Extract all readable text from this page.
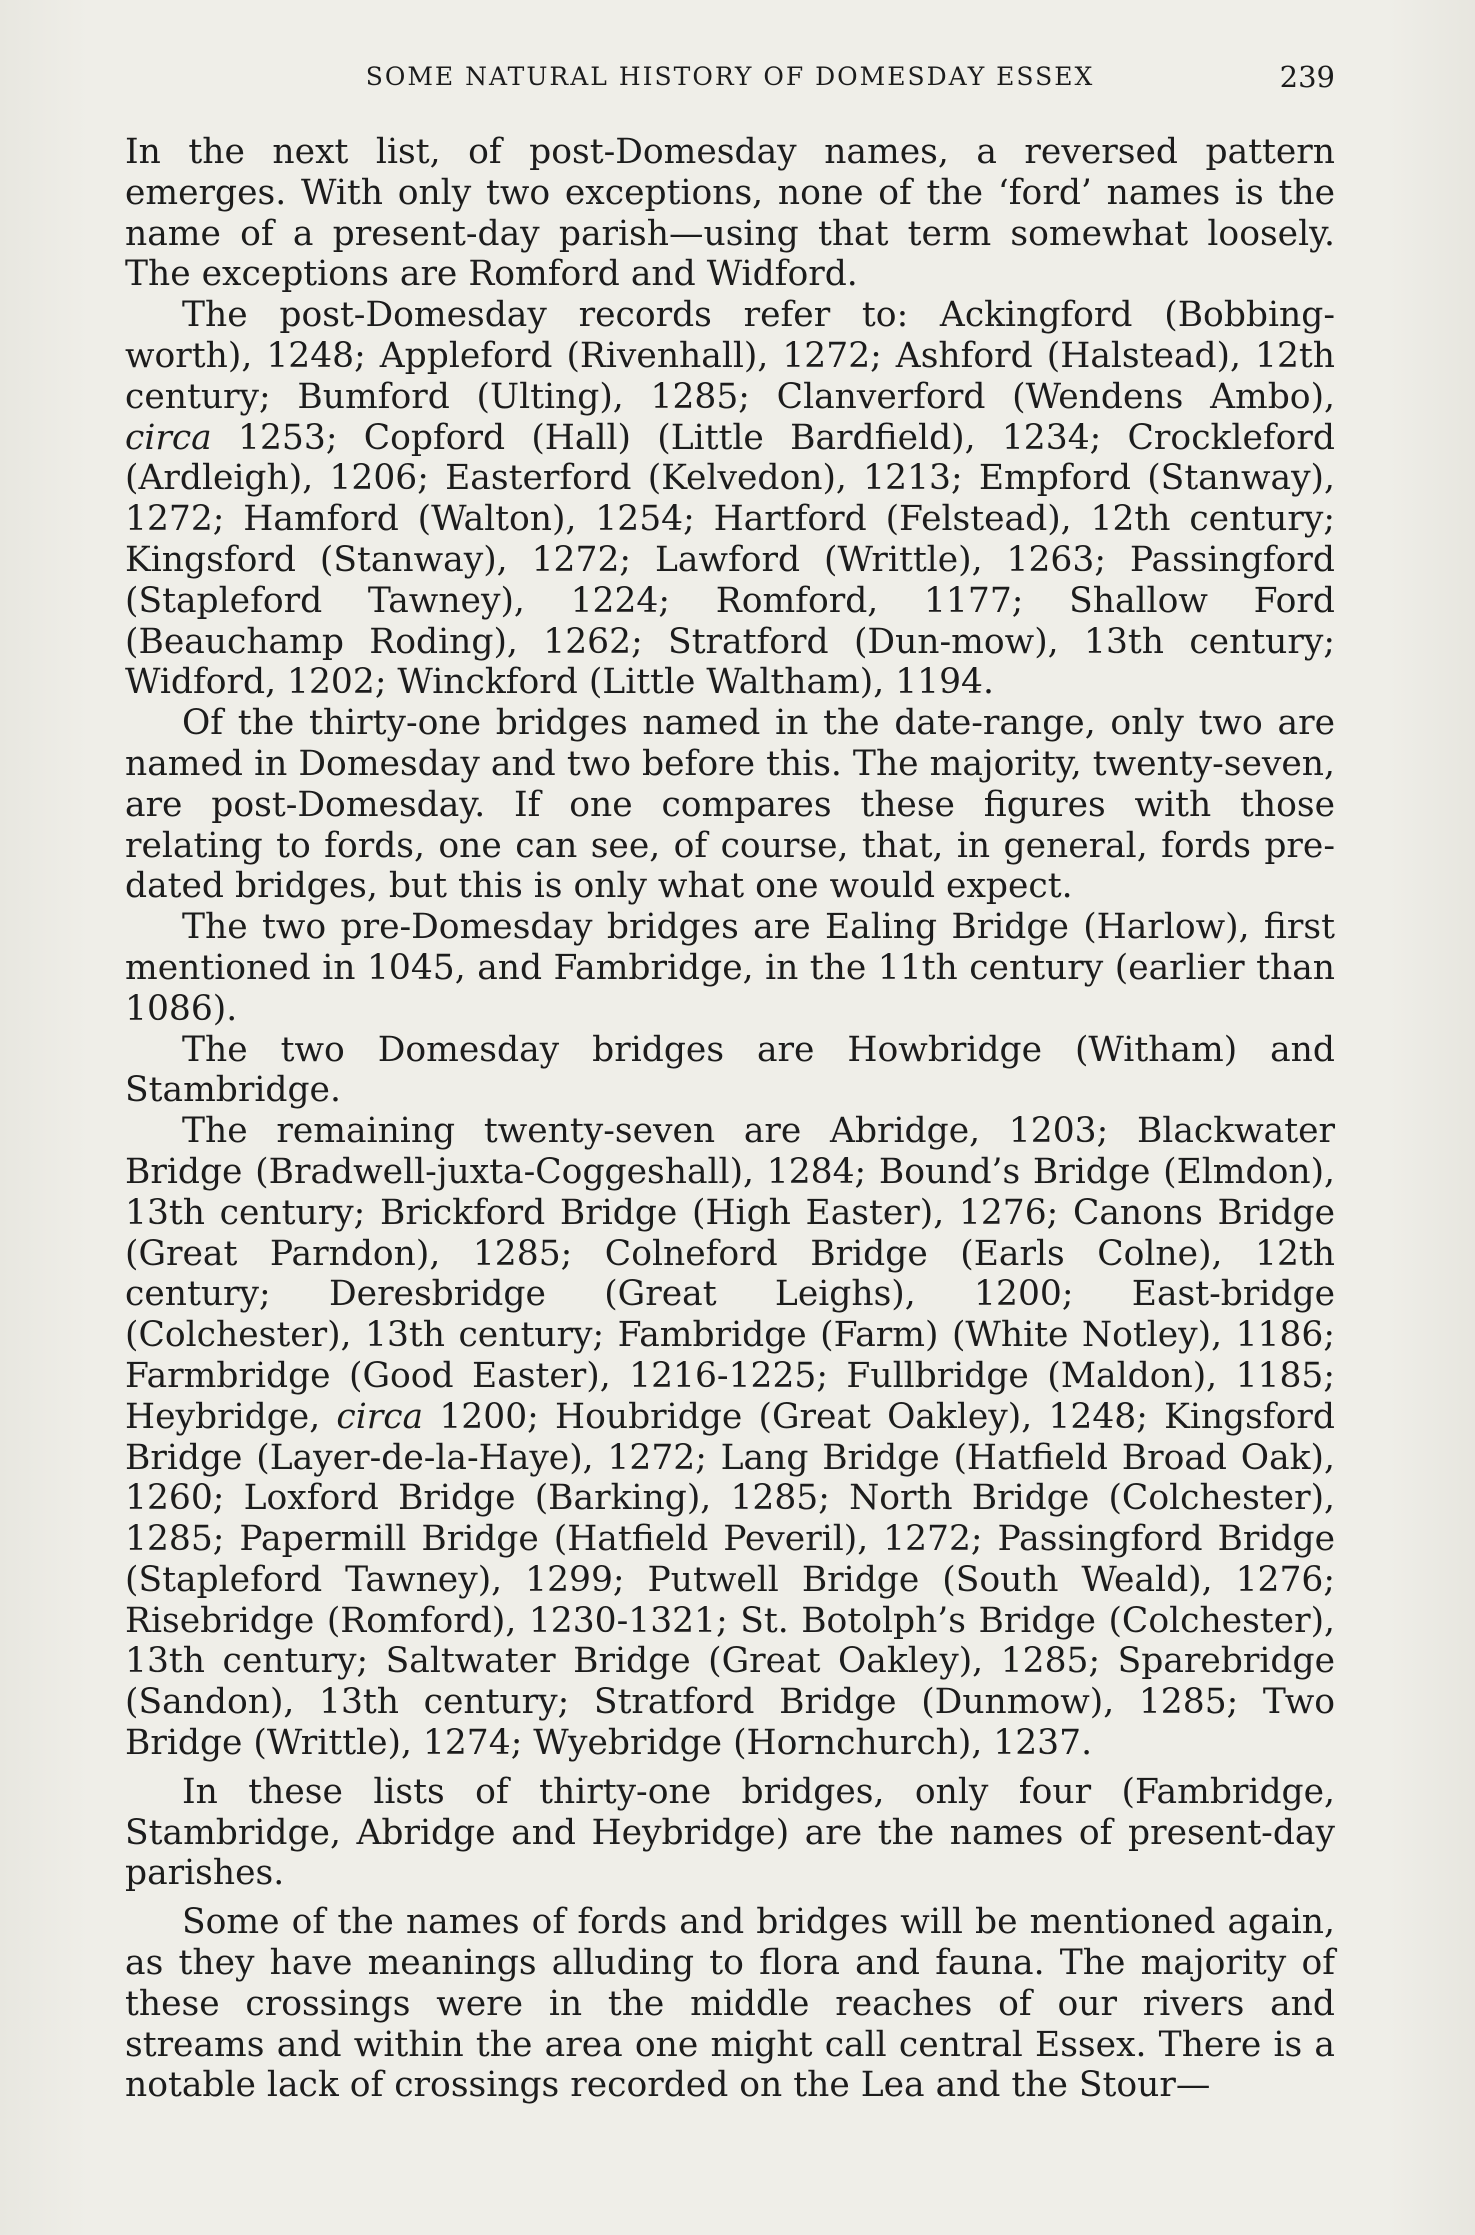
SOME NATURAL HISTORY OF DOMESDAY ESSEX	239

In the next list, of post-Domesday names, a reversed pattern emerges. With only two exceptions, none of the ‘ford’ names is the name of a present-day parish—using that term somewhat loosely. The exceptions are Romford and Widford.

The post-Domesday records refer to: Ackingford (Bobbing-worth), 1248; Appleford (Rivenhall), 1272; Ashford (Halstead), 12th century; Bumford (Ulting), 1285; Clanverford (Wendens Ambo), circa 1253; Copford (Hall) (Little Bardfield), 1234; Crockleford (Ardleigh), 1206; Easterford (Kelvedon), 1213; Empford (Stanway), 1272; Hamford (Walton), 1254; Hartford (Felstead), 12th century; Kingsford (Stanway), 1272; Lawford (Writtle), 1263; Passingford (Stapleford Tawney), 1224; Romford, 1177; Shallow Ford (Beauchamp Roding), 1262; Stratford (Dun-mow), 13th century; Widford, 1202; Winckford (Little Waltham), 1194.

Of the thirty-one bridges named in the date-range, only two are named in Domesday and two before this. The majority, twenty-seven, are post-Domesday. If one compares these figures with those relating to fords, one can see, of course, that, in general, fords pre-dated bridges, but this is only what one would expect.

The two pre-Domesday bridges are Ealing Bridge (Harlow), first mentioned in 1045, and Fambridge, in the 11th century (earlier than 1086).

The two Domesday bridges are Howbridge (Witham) and Stambridge.

The remaining twenty-seven are Abridge, 1203; Blackwater Bridge (Bradwell-juxta-Coggeshall), 1284; Bound’s Bridge (Elmdon), 13th century; Brickford Bridge (High Easter), 1276; Canons Bridge (Great Parndon), 1285; Colneford Bridge (Earls Colne), 12th century; Deresbridge (Great Leighs), 1200; East-bridge (Colchester), 13th century; Fambridge (Farm) (White Notley), 1186; Farmbridge (Good Easter), 1216-1225; Fullbridge (Maldon), 1185; Heybridge, circa 1200; Houbridge (Great Oakley), 1248; Kingsford Bridge (Layer-de-la-Haye), 1272; Lang Bridge (Hatfield Broad Oak), 1260; Loxford Bridge (Barking), 1285; North Bridge (Colchester), 1285; Papermill Bridge (Hatfield Peveril), 1272; Passingford Bridge (Stapleford Tawney), 1299; Putwell Bridge (South Weald), 1276; Risebridge (Romford), 1230-1321; St. Botolph’s Bridge (Colchester), 13th century; Saltwater Bridge (Great Oakley), 1285; Sparebridge (Sandon), 13th century; Stratford Bridge (Dunmow), 1285; Two Bridge (Writtle), 1274; Wyebridge (Hornchurch), 1237.

In these lists of thirty-one bridges, only four (Fambridge, Stambridge, Abridge and Heybridge) are the names of present-day parishes.

Some of the names of fords and bridges will be mentioned again, as they have meanings alluding to flora and fauna. The majority of these crossings were in the middle reaches of our rivers and streams and within the area one might call central Essex. There is a notable lack of crossings recorded on the Lea and the Stour—
